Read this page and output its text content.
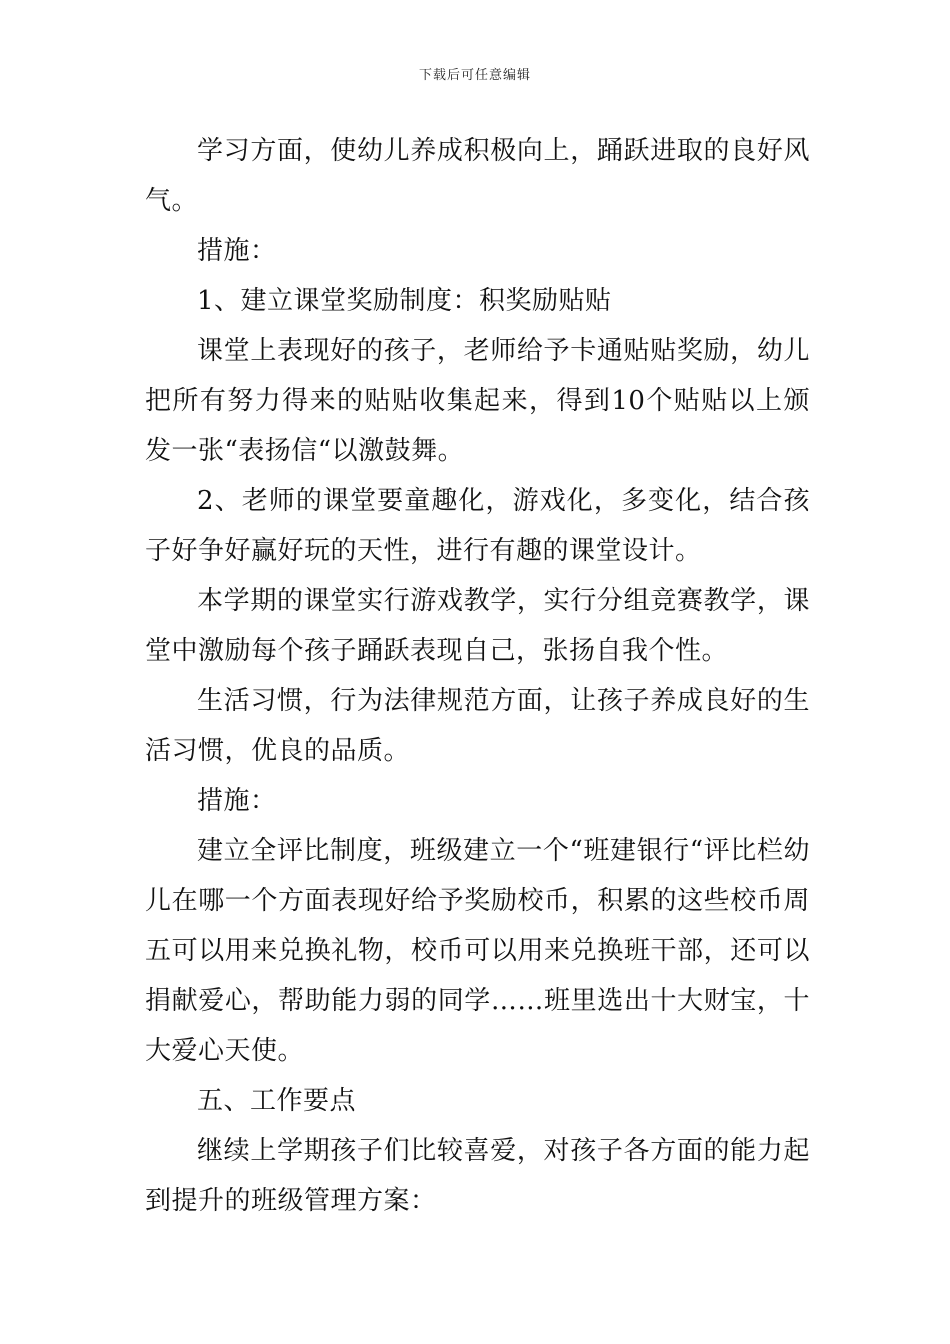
下载后可任意编辑

学习方面，使幼儿养成积极向上，踊跃进取的良好风气。

措施：

1、建立课堂奖励制度：积奖励贴贴

课堂上表现好的孩子，老师给予卡通贴贴奖励，幼儿把所有努力得来的贴贴收集起来，得到10个贴贴以上颁发一张“表扬信“以激鼓舞。

2、老师的课堂要童趣化，游戏化，多变化，结合孩子好争好赢好玩的天性，进行有趣的课堂设计。

本学期的课堂实行游戏教学，实行分组竞赛教学，课堂中激励每个孩子踊跃表现自己，张扬自我个性。

生活习惯，行为法律规范方面，让孩子养成良好的生活习惯，优良的品质。

措施：

建立全评比制度，班级建立一个“班建银行“评比栏幼儿在哪一个方面表现好给予奖励校币，积累的这些校币周五可以用来兑换礼物，校币可以用来兑换班干部，还可以捐献爱心，帮助能力弱的同学……班里选出十大财宝，十大爱心天使。

五、工作要点

继续上学期孩子们比较喜爱，对孩子各方面的能力起到提升的班级管理方案：
